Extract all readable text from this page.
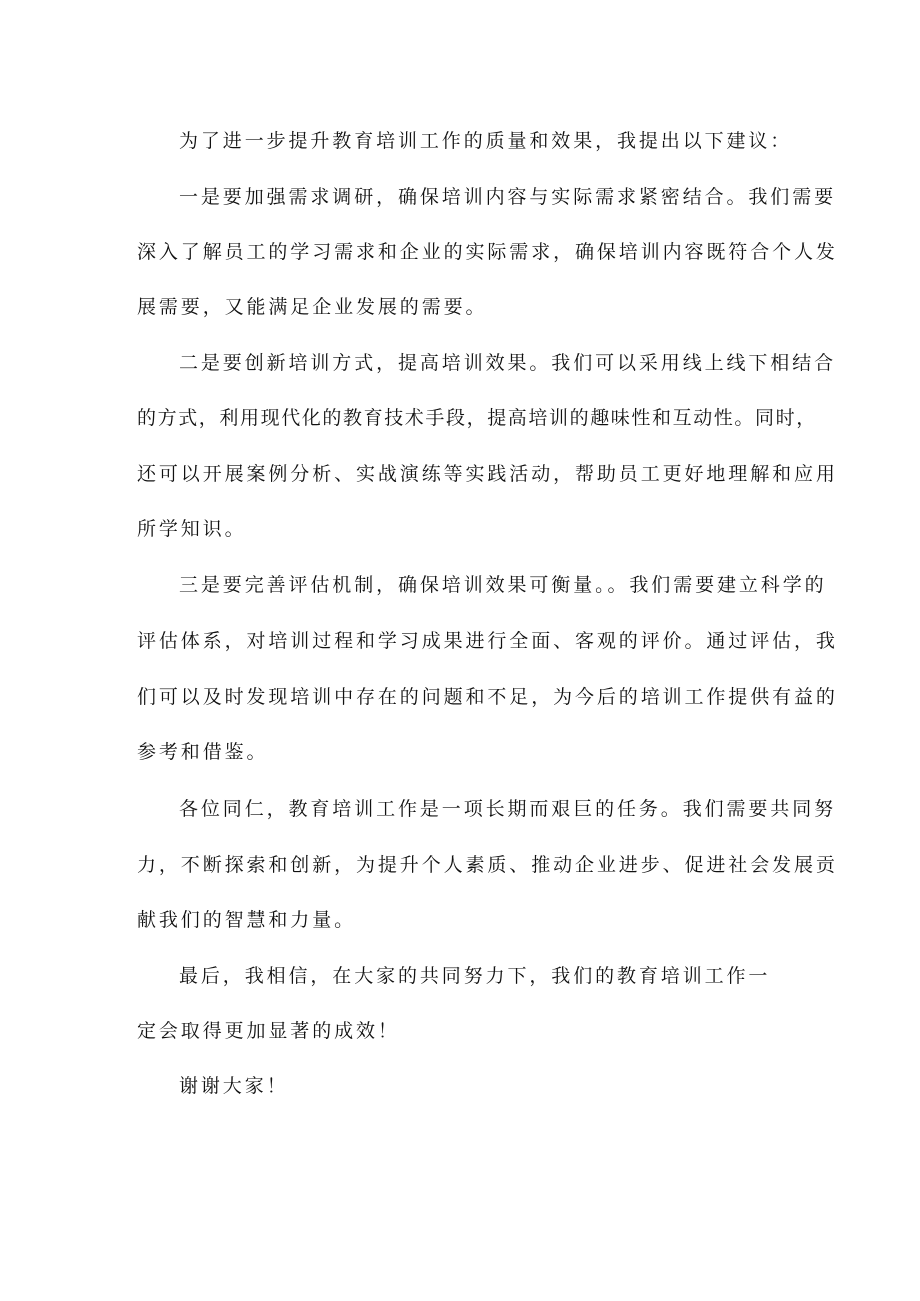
为了进一步提升教育培训工作的质量和效果，我提出以下建议：
一是要加强需求调研，确保培训内容与实际需求紧密结合。我们需要
深入了解员工的学习需求和企业的实际需求，确保培训内容既符合个人发
展需要，又能满足企业发展的需要。
二是要创新培训方式，提高培训效果。我们可以采用线上线下相结合
的方式，利用现代化的教育技术手段，提高培训的趣味性和互动性。同时，
还可以开展案例分析、实战演练等实践活动，帮助员工更好地理解和应用
所学知识。
三是要完善评估机制，确保培训效果可衡量。。我们需要建立科学的
评估体系，对培训过程和学习成果进行全面、客观的评价。通过评估，我
们可以及时发现培训中存在的问题和不足，为今后的培训工作提供有益的
参考和借鉴。
各位同仁，教育培训工作是一项长期而艰巨的任务。我们需要共同努
力，不断探索和创新，为提升个人素质、推动企业进步、促进社会发展贡
献我们的智慧和力量。
最后，我相信，在大家的共同努力下，我们的教育培训工作一
定会取得更加显著的成效！
谢谢大家！
